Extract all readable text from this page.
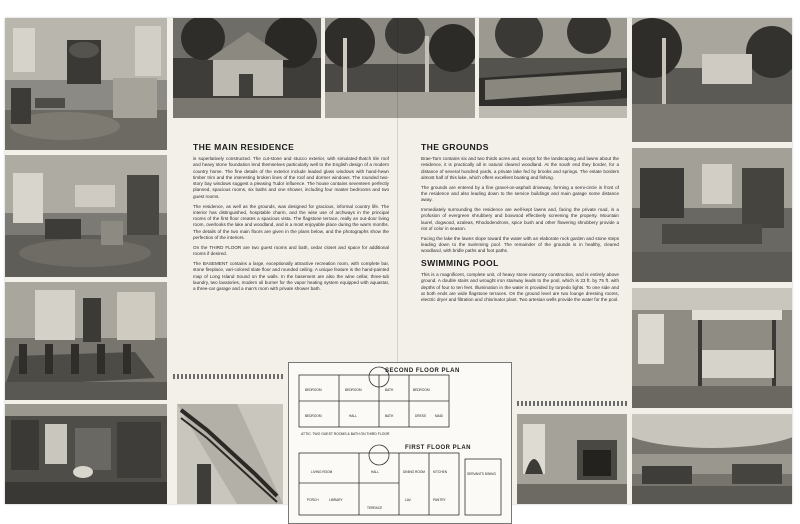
THE MAIN RESIDENCE

is superlatively constructed. The cut-stone and stucco exterior, with simulated-thatch tile roof and heavy stone foundation lend themselves particularly well to the English design of a modern country home. The fine details of the exterior include leaded glass windows with hand-hewn timber trim and the interesting broken lines of the roof and dormer windows. The rounded two-story bay windows suggest a pleasing Tudor influence. The house contains seventeen perfectly planned, spacious rooms, six baths and one shower, including four master bedrooms and two guest rooms.

The residence, as well as the grounds, was designed for gracious, informal country life. The interior has distinguished, hospitable charm, and the wise use of archways in the principal rooms of the first floor creates a spacious vista. The flagstone terrace, really an out-door living room, overlooks the lake and woodland, and is a most enjoyable place during the warm months. The details of the two main floors are given in the plans below, and the photographs show the perfection of the interiors.

On the THIRD FLOOR are two guest rooms and bath, cedar closet and space for additional rooms if desired.

The BASEMENT contains a large, exceptionally attractive recreation room, with complete bar, stone fireplace, vari-colored slate floor and rounded ceiling. A unique feature is the hand-painted map of Long Island Sound on the walls. In the basement are also the wine cellar, three-tub laundry, two lavatories, modern oil burner for the vapor heating system equipped with aquastat, a three-car garage and a man's room with private shower bath.

THE GROUNDS

Brae-Tarn contains six and two thirds acres and, except for the landscaping and lawns about the residence, it is practically all in natural cleared woodland. At the south end they border, for a distance of several hundred yards, a private lake fed by brooks and springs. The estate borders almost half of this lake, which offers excellent boating and fishing.

The grounds are entered by a fine gravel-on-asphalt driveway, forming a semi-circle in front of the residence and also leading down to the service buildings and main garage some distance away.

Immediately surrounding the residence are well-kept lawns and, facing the private road, is a profusion of evergreen shrubbery and boxwood effectively screening the property. Mountain laurel, dogwood, azaleas, Rhododendrons, spice bush and other flowering shrubbery provide a riot of color in season.

Facing the lake the lawns slope toward the water with an elaborate rock garden and stone steps leading down to the swimming pool. The remainder of the grounds is in healthy, cleared woodland, with bridle paths and foot paths.

SWIMMING POOL

This is a magnificent, complete unit, of heavy stone masonry construction, and is entirely above ground. A double stairs and wrought iron stairway leads to the pool, which is 23 ft. by 75 ft. with depths of four to ten feet. Illumination in the water is provided by torpedo lights. To one side and at both ends are wide flagstone terraces. On the ground level are two lounge dressing rooms, electric dryer and filtration and chlorinator plant. Two artesian wells provide the water for the pool.

SECOND FLOOR PLAN
ATTIC: TWO GUEST ROOMS & BATH ON THIRD FLOOR
FIRST FLOOR PLAN
BEDROOM	BEDROOM	BEDROOM
BEDROOM
BATH
BATH
HALL	DRESS	MAID
LIVING ROOM	DINING ROOM
PORCH	LIBRARY
HALL
TERRACE
KITCHEN
PANTRY
SERVANTS DINING
LAV.
